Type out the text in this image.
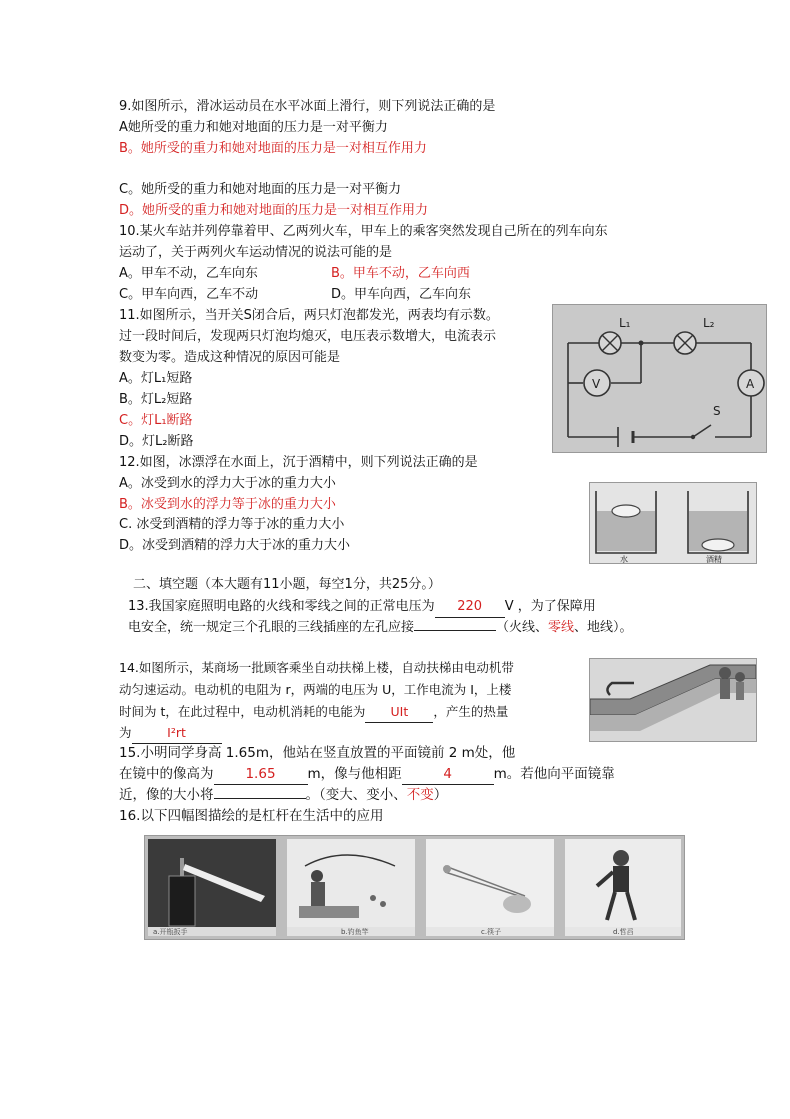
9.如图所示，滑冰运动员在水平冰面上滑行，则下列说法正确的是
A她所受的重力和她对地面的压力是一对平衡力
B。她所受的重力和她对地面的压力是一对相互作用力
C。她所受的重力和她对地面的压力是一对平衡力
D。她所受的重力和她对地面的压力是一对相互作用力
10.某火车站并列停靠着甲、乙两列火车，甲车上的乘客突然发现自己所在的列车向东
运动了，关于两列火车运动情况的说法可能的是
A。甲车不动，乙车向东	B。甲车不动，乙车向西
C。甲车向西，乙车不动	D。甲车向西，乙车向东
11.如图所示，当开关S闭合后，两只灯泡都发光，两表均有示数。
过一段时间后，发现两只灯泡均熄灭，电压表示数增大，电流表示
数变为零。造成这种情况的原因可能是
A。灯L₁短路
B。灯L₂短路
C。灯L₁断路
D。灯L₂断路
L₁	L₂
V	A
S
12.如图，冰漂浮在水面上，沉于酒精中，则下列说法正确的是
A。冰受到水的浮力大于冰的重力大小
B。冰受到水的浮力等于冰的重力大小
C. 冰受到酒精的浮力等于冰的重力大小
D。冰受到酒精的浮力大于冰的重力大小
水	酒精
二、填空题（本大题有11小题，每空1分，共25分。）
13.我国家庭照明电路的火线和零线之间的正常电压为 220 V ，为了保障用
电安全，统一规定三个孔眼的三线插座的左孔应接	（火线、零线、地线）。
14.如图所示，某商场一批顾客乘坐自动扶梯上楼，自动扶梯由电动机带
动匀速运动。电动机的电阻为 r，两端的电压为 U，工作电流为 I，上楼
时间为 t，在此过程中，电动机消耗的电能为 UIt ，产生的热量
为	I²rt
15.小明同学身高 1.65m，他站在竖直放置的平面镜前 2 m处，他
在镜中的像高为 1.65 m，像与他相距	4	m。若他向平面镜靠
近，像的大小将	。（变大、变小、不变）
16.以下四幅图描绘的是杠杆在生活中的应用
a.开瓶扳手	b.钓鱼竿	c.筷子	d.哲舀
